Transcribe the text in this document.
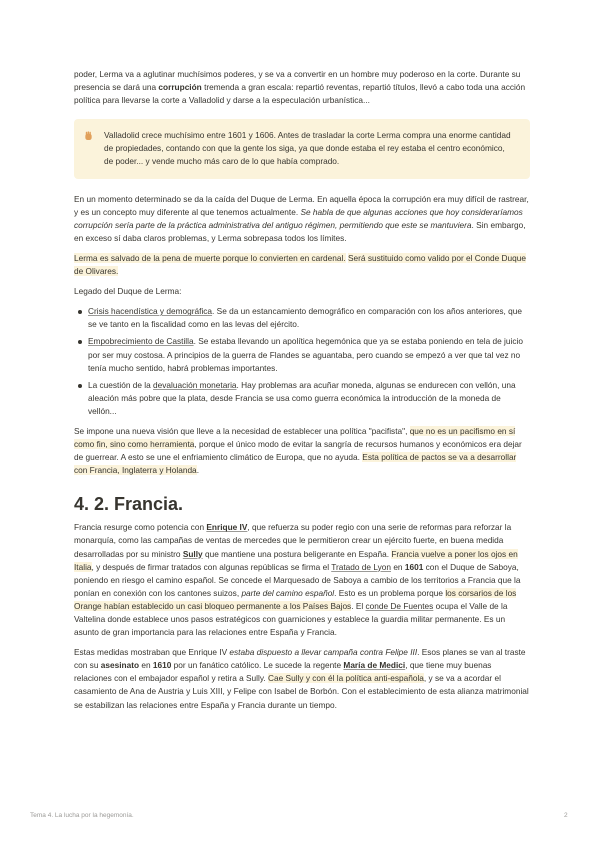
poder, Lerma va a aglutinar muchísimos poderes, y se va a convertir en un hombre muy poderoso en la corte. Durante su presencia se dará una corrupción tremenda a gran escala: repartió reventas, repartió títulos, llevó a cabo toda una acción política para llevarse la corte a Valladolid y darse a la especulación urbanística...

Valladolid crece muchísimo entre 1601 y 1606. Antes de trasladar la corte Lerma compra una enorme cantidad de propiedades, contando con que la gente los siga, ya que donde estaba el rey estaba el centro económico, de poder... y vende mucho más caro de lo que había comprado.

En un momento determinado se da la caída del Duque de Lerma. En aquella época la corrupción era muy difícil de rastrear, y es un concepto muy diferente al que tenemos actualmente. Se habla de que algunas acciones que hoy consideraríamos corrupción sería parte de la práctica administrativa del antiguo régimen, permitiendo que este se mantuviera. Sin embargo, en exceso sí daba claros problemas, y Lerma sobrepasa todos los límites.

Lerma es salvado de la pena de muerte porque lo convierten en cardenal. Será sustituido como valido por el Conde Duque de Olivares.

Legado del Duque de Lerma:

Crisis hacendística y demográfica. Se da un estancamiento demográfico en comparación con los años anteriores, que se ve tanto en la fiscalidad como en las levas del ejército.
Empobrecimiento de Castilla. Se estaba llevando un apolítica hegemónica que ya se estaba poniendo en tela de juicio por ser muy costosa. A principios de la guerra de Flandes se aguantaba, pero cuando se empezó a ver que tal vez no tenía mucho sentido, habrá problemas importantes.
La cuestión de la devaluación monetaria. Hay problemas ara acuñar moneda, algunas se endurecen con vellón, una aleación más pobre que la plata, desde Francia se usa como guerra económica la introducción de la moneda de vellón...

Se impone una nueva visión que lleve a la necesidad de establecer una política "pacifista", que no es un pacifismo en sí como fin, sino como herramienta, porque el único modo de evitar la sangría de recursos humanos y económicos era dejar de guerrear. A esto se une el enfriamiento climático de Europa, que no ayuda. Esta política de pactos se va a desarrollar con Francia, Inglaterra y Holanda.

4. 2. Francia.

Francia resurge como potencia con Enrique IV, que refuerza su poder regio con una serie de reformas para reforzar la monarquía, como las campañas de ventas de mercedes que le permitieron crear un ejército fuerte, en buena medida desarrolladas por su ministro Sully que mantiene una postura beligerante en España. Francia vuelve a poner los ojos en Italia, y después de firmar tratados con algunas repúblicas se firma el Tratado de Lyon en 1601 con el Duque de Saboya, poniendo en riesgo el camino español. Se concede el Marquesado de Saboya a cambio de los territorios a Francia que la ponían en conexión con los cantones suizos, parte del camino español. Esto es un problema porque los corsarios de los Orange habían establecido un casi bloqueo permanente a los Países Bajos. El conde De Fuentes ocupa el Valle de la Valtelina donde establece unos pasos estratégicos con guarniciones y establece la guardia militar permanente. Es un asunto de gran importancia para las relaciones entre España y Francia.

Estas medidas mostraban que Enrique IV estaba dispuesto a llevar campaña contra Felipe III. Esos planes se van al traste con su asesinato en 1610 por un fanático católico. Le sucede la regente María de Medici, que tiene muy buenas relaciones con el embajador español y retira a Sully. Cae Sully y con él la política anti-española, y se va a acordar el casamiento de Ana de Austria y Luis XIII, y Felipe con Isabel de Borbón. Con el establecimiento de esta alianza matrimonial se estabilizan las relaciones entre España y Francia durante un tiempo.

Tema 4. La lucha por la hegemonía.	2
